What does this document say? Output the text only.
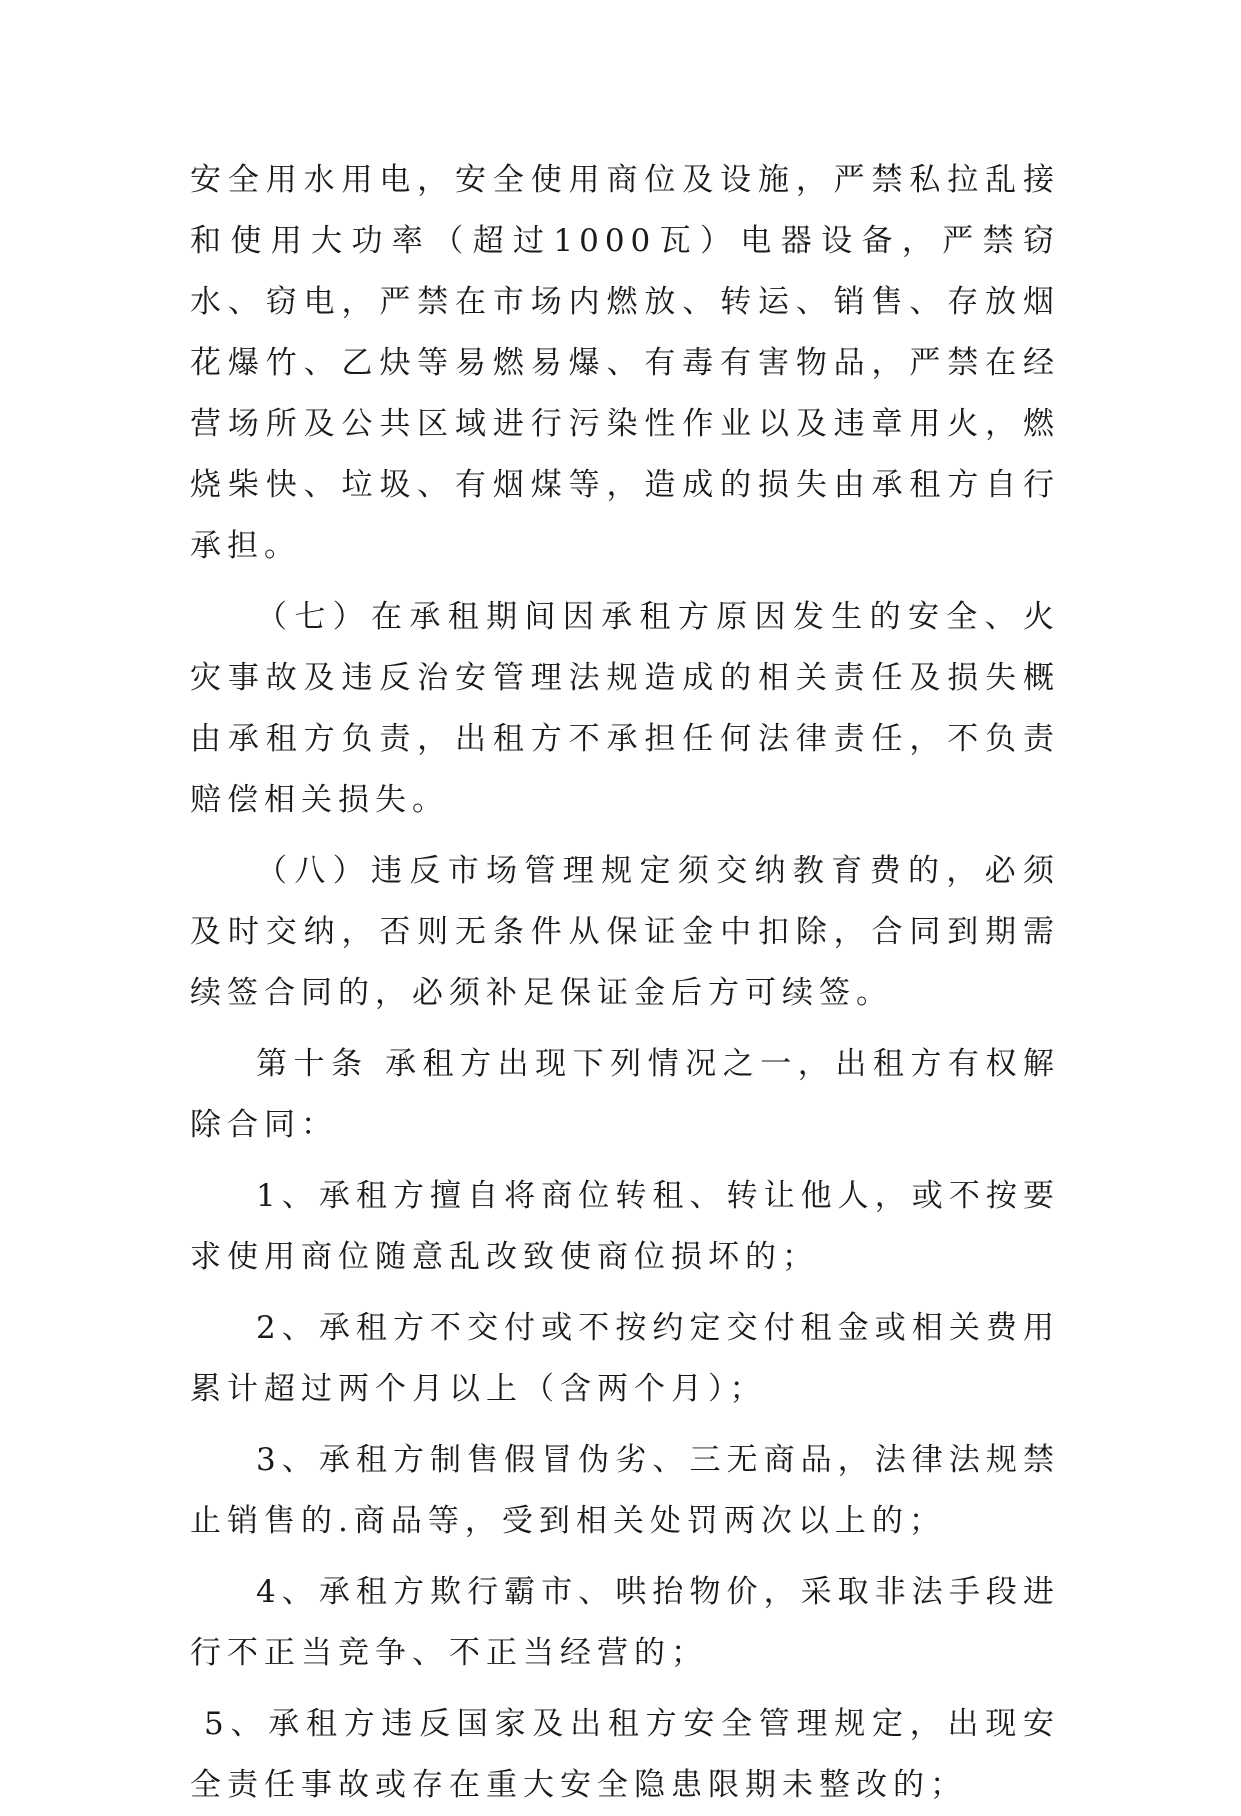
安全用水用电，安全使用商位及设施，严禁私拉乱接和使用大功率（超过1000瓦）电器设备，严禁窃水、窃电，严禁在市场内燃放、转运、销售、存放烟花爆竹、乙炔等易燃易爆、有毒有害物品，严禁在经营场所及公共区域进行污染性作业以及违章用火，燃烧柴快、垃圾、有烟煤等，造成的损失由承租方自行承担。

（七）在承租期间因承租方原因发生的安全、火灾事故及违反治安管理法规造成的相关责任及损失概由承租方负责，出租方不承担任何法律责任，不负责赔偿相关损失。

（八）违反市场管理规定须交纳教育费的，必须及时交纳，否则无条件从保证金中扣除，合同到期需续签合同的，必须补足保证金后方可续签。

第十条 承租方出现下列情况之一，出租方有权解除合同：

1、承租方擅自将商位转租、转让他人，或不按要求使用商位随意乱改致使商位损坏的；

2、承租方不交付或不按约定交付租金或相关费用累计超过两个月以上（含两个月）；

3、承租方制售假冒伪劣、三无商品，法律法规禁止销售的.商品等，受到相关处罚两次以上的；

4、承租方欺行霸市、哄抬物价，采取非法手段进行不正当竞争、不正当经营的；

5、承租方违反国家及出租方安全管理规定，出现安全责任事故或存在重大安全隐患限期未整改的；
